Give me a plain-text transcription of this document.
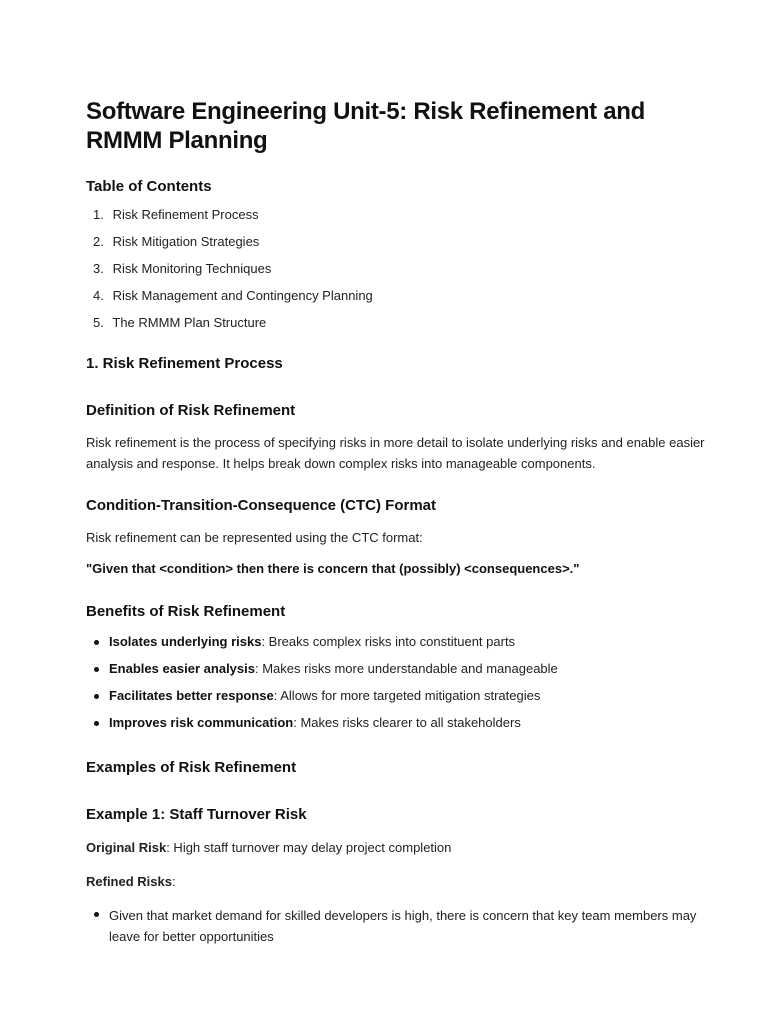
Software Engineering Unit-5: Risk Refinement and RMMM Planning
Table of Contents
1. Risk Refinement Process
2. Risk Mitigation Strategies
3. Risk Monitoring Techniques
4. Risk Management and Contingency Planning
5. The RMMM Plan Structure
1. Risk Refinement Process
Definition of Risk Refinement

Risk refinement is the process of specifying risks in more detail to isolate underlying risks and enable easier analysis and response. It helps break down complex risks into manageable components.

Condition-Transition-Consequence (CTC) Format

Risk refinement can be represented using the CTC format:

"Given that <condition> then there is concern that (possibly) <consequences>."
Benefits of Risk Refinement
Isolates underlying risks: Breaks complex risks into constituent parts
Enables easier analysis: Makes risks more understandable and manageable
Facilitates better response: Allows for more targeted mitigation strategies
Improves risk communication: Makes risks clearer to all stakeholders
Examples of Risk Refinement
Example 1: Staff Turnover Risk

Original Risk: High staff turnover may delay project completion

Refined Risks:

Given that market demand for skilled developers is high, there is concern that key team members may leave for better opportunities
